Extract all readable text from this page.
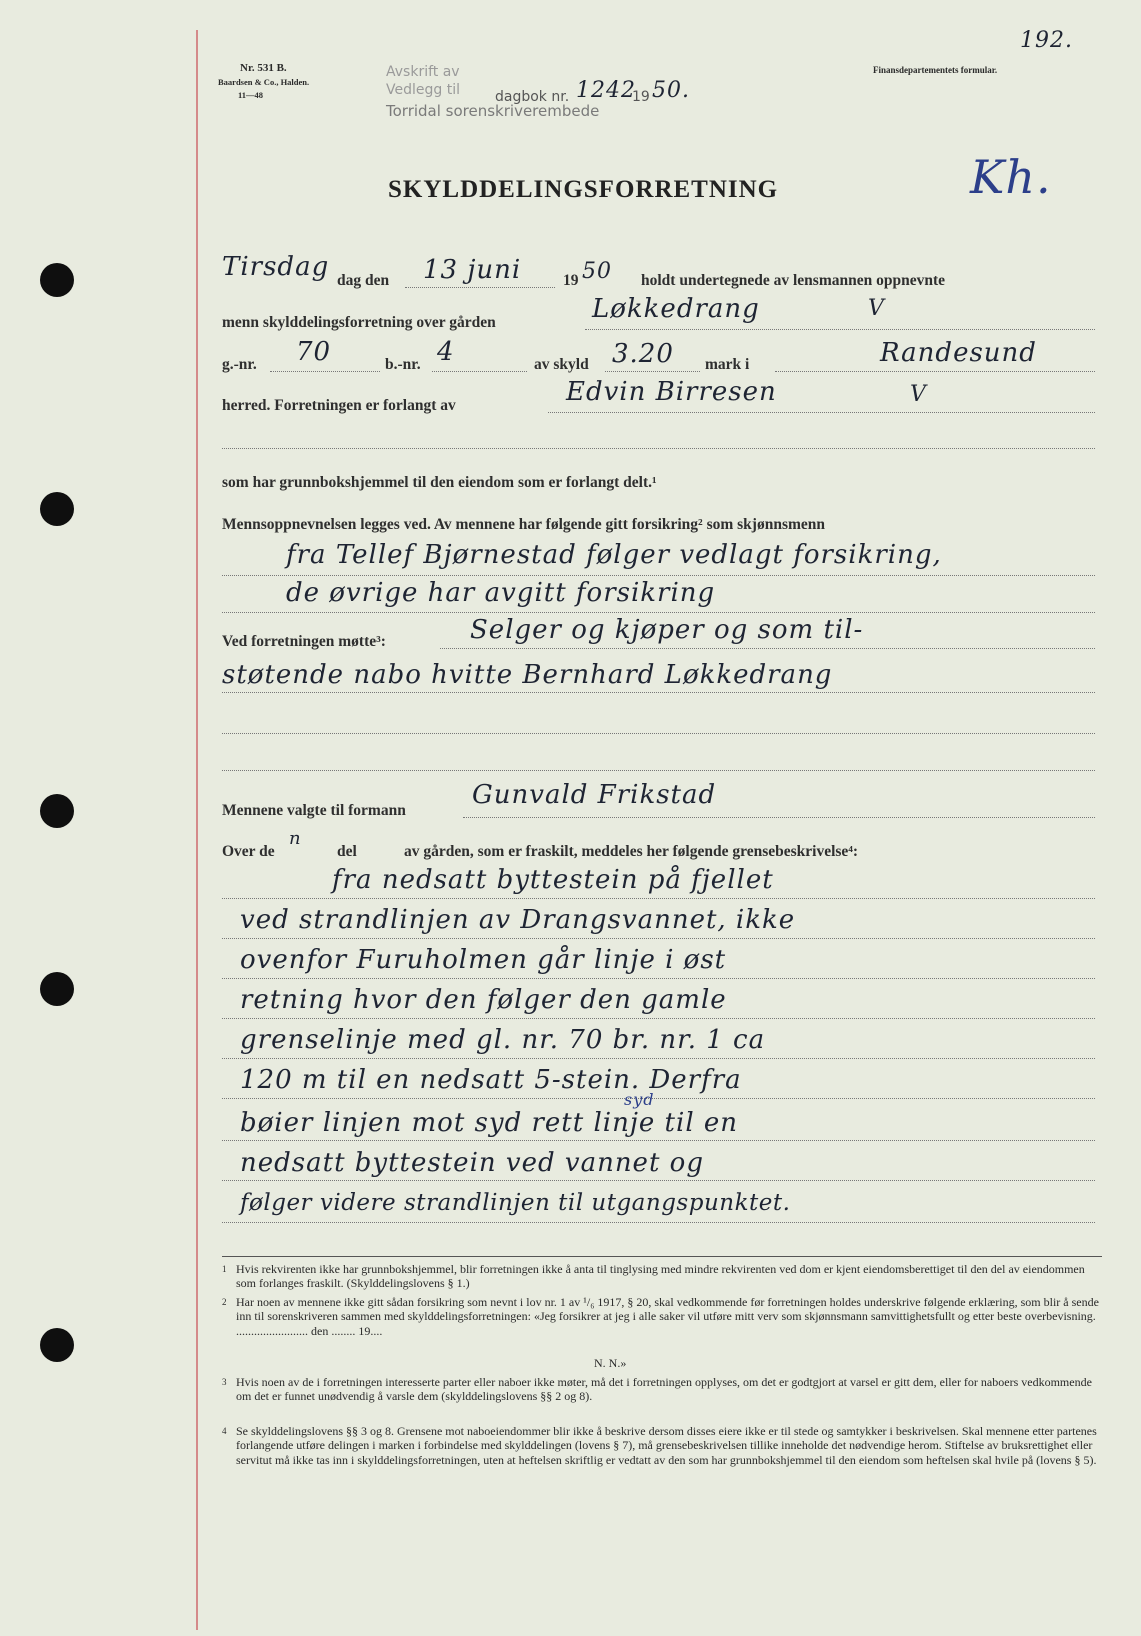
Nr. 531 B.
Baardsen & Co., Halden.
11—48
Avskrift av
Vedlegg til	dagbok nr. 1242
19 50.
Torridal sorenskriverembede
Finansdepartementets formular.
192.
Kh.
SKYLDDELINGSFORRETNING
Tirsdag dag den 13 juni	19 50 holdt undertegnede av lensmannen oppnevnte
menn skylddelingsforretning over gården	Løkkedrang	V
g.-nr. 70	b.-nr. 4	av skyld 3.20 mark i	Randesund
herred. Forretningen er forlangt av	Edvin Birresen	V
som har grunnbokshjemmel til den eiendom som er forlangt delt.¹
Mennsoppnevnelsen legges ved. Av mennene har følgende gitt forsikring² som skjønnsmenn
fra Tellef Bjørnestad følger vedlagt forsikring,
de øvrige har avgitt forsikring
Ved forretningen møtte³:	Selger og kjøper og som til-
støtende nabo hvitte Bernhard Løkkedrang
Mennene valgte til formann
Gunvald Frikstad
Over de
n
del	av gården, som er fraskilt, meddeles her følgende grensebeskrivelse⁴:
fra nedsatt byttestein på fjellet
ved strandlinjen av Drangsvannet, ikke
ovenfor Furuholmen går linje i øst
retning hvor den følger den gamle
grenselinje med gl. nr. 70 br. nr. 1 ca
120 m til en nedsatt 5-stein. Derfra
syd
bøier linjen mot syd rett linje til en
nedsatt byttestein ved vannet og
følger videre strandlinjen til utgangspunktet.
1 Hvis rekvirenten ikke har grunnbokshjemmel, blir forretningen ikke å anta til tinglysing med mindre rekvirenten ved dom er kjent eiendomsberettiget til den del av eiendommen som forlanges fraskilt. (Skylddelingslovens § 1.)
2 Har noen av mennene ikke gitt sådan forsikring som nevnt i lov nr. 1 av ¹/₆ 1917, § 20, skal vedkommende før forretningen holdes underskrive følgende erklæring, som blir å sende inn til sorenskriveren sammen med skylddelingsforretningen: «Jeg forsikrer at jeg i alle saker vil utføre mitt verv som skjønnsmann samvittighetsfullt og etter beste overbevisning. ........................ den ........ 19....
N. N.»
3 Hvis noen av de i forretningen interesserte parter eller naboer ikke møter, må det i forretningen opplyses, om det er godtgjort at varsel er gitt dem, eller for naboers vedkommende om det er funnet unødvendig å varsle dem (skylddelingslovens §§ 2 og 8).
4 Se skylddelingslovens §§ 3 og 8. Grensene mot naboeiendommer blir ikke å beskrive dersom disses eiere ikke er til stede og samtykker i beskrivelsen. Skal mennene etter partenes forlangende utføre delingen i marken i forbindelse med skylddelingen (lovens § 7), må grensebeskrivelsen tillike inneholde det nødvendige herom. Stiftelse av bruksrettighet eller servitut må ikke tas inn i skylddelingsforretningen, uten at heftelsen skriftlig er vedtatt av den som har grunnbokshjemmel til den eiendom som heftelsen skal hvile på (lovens § 5).
